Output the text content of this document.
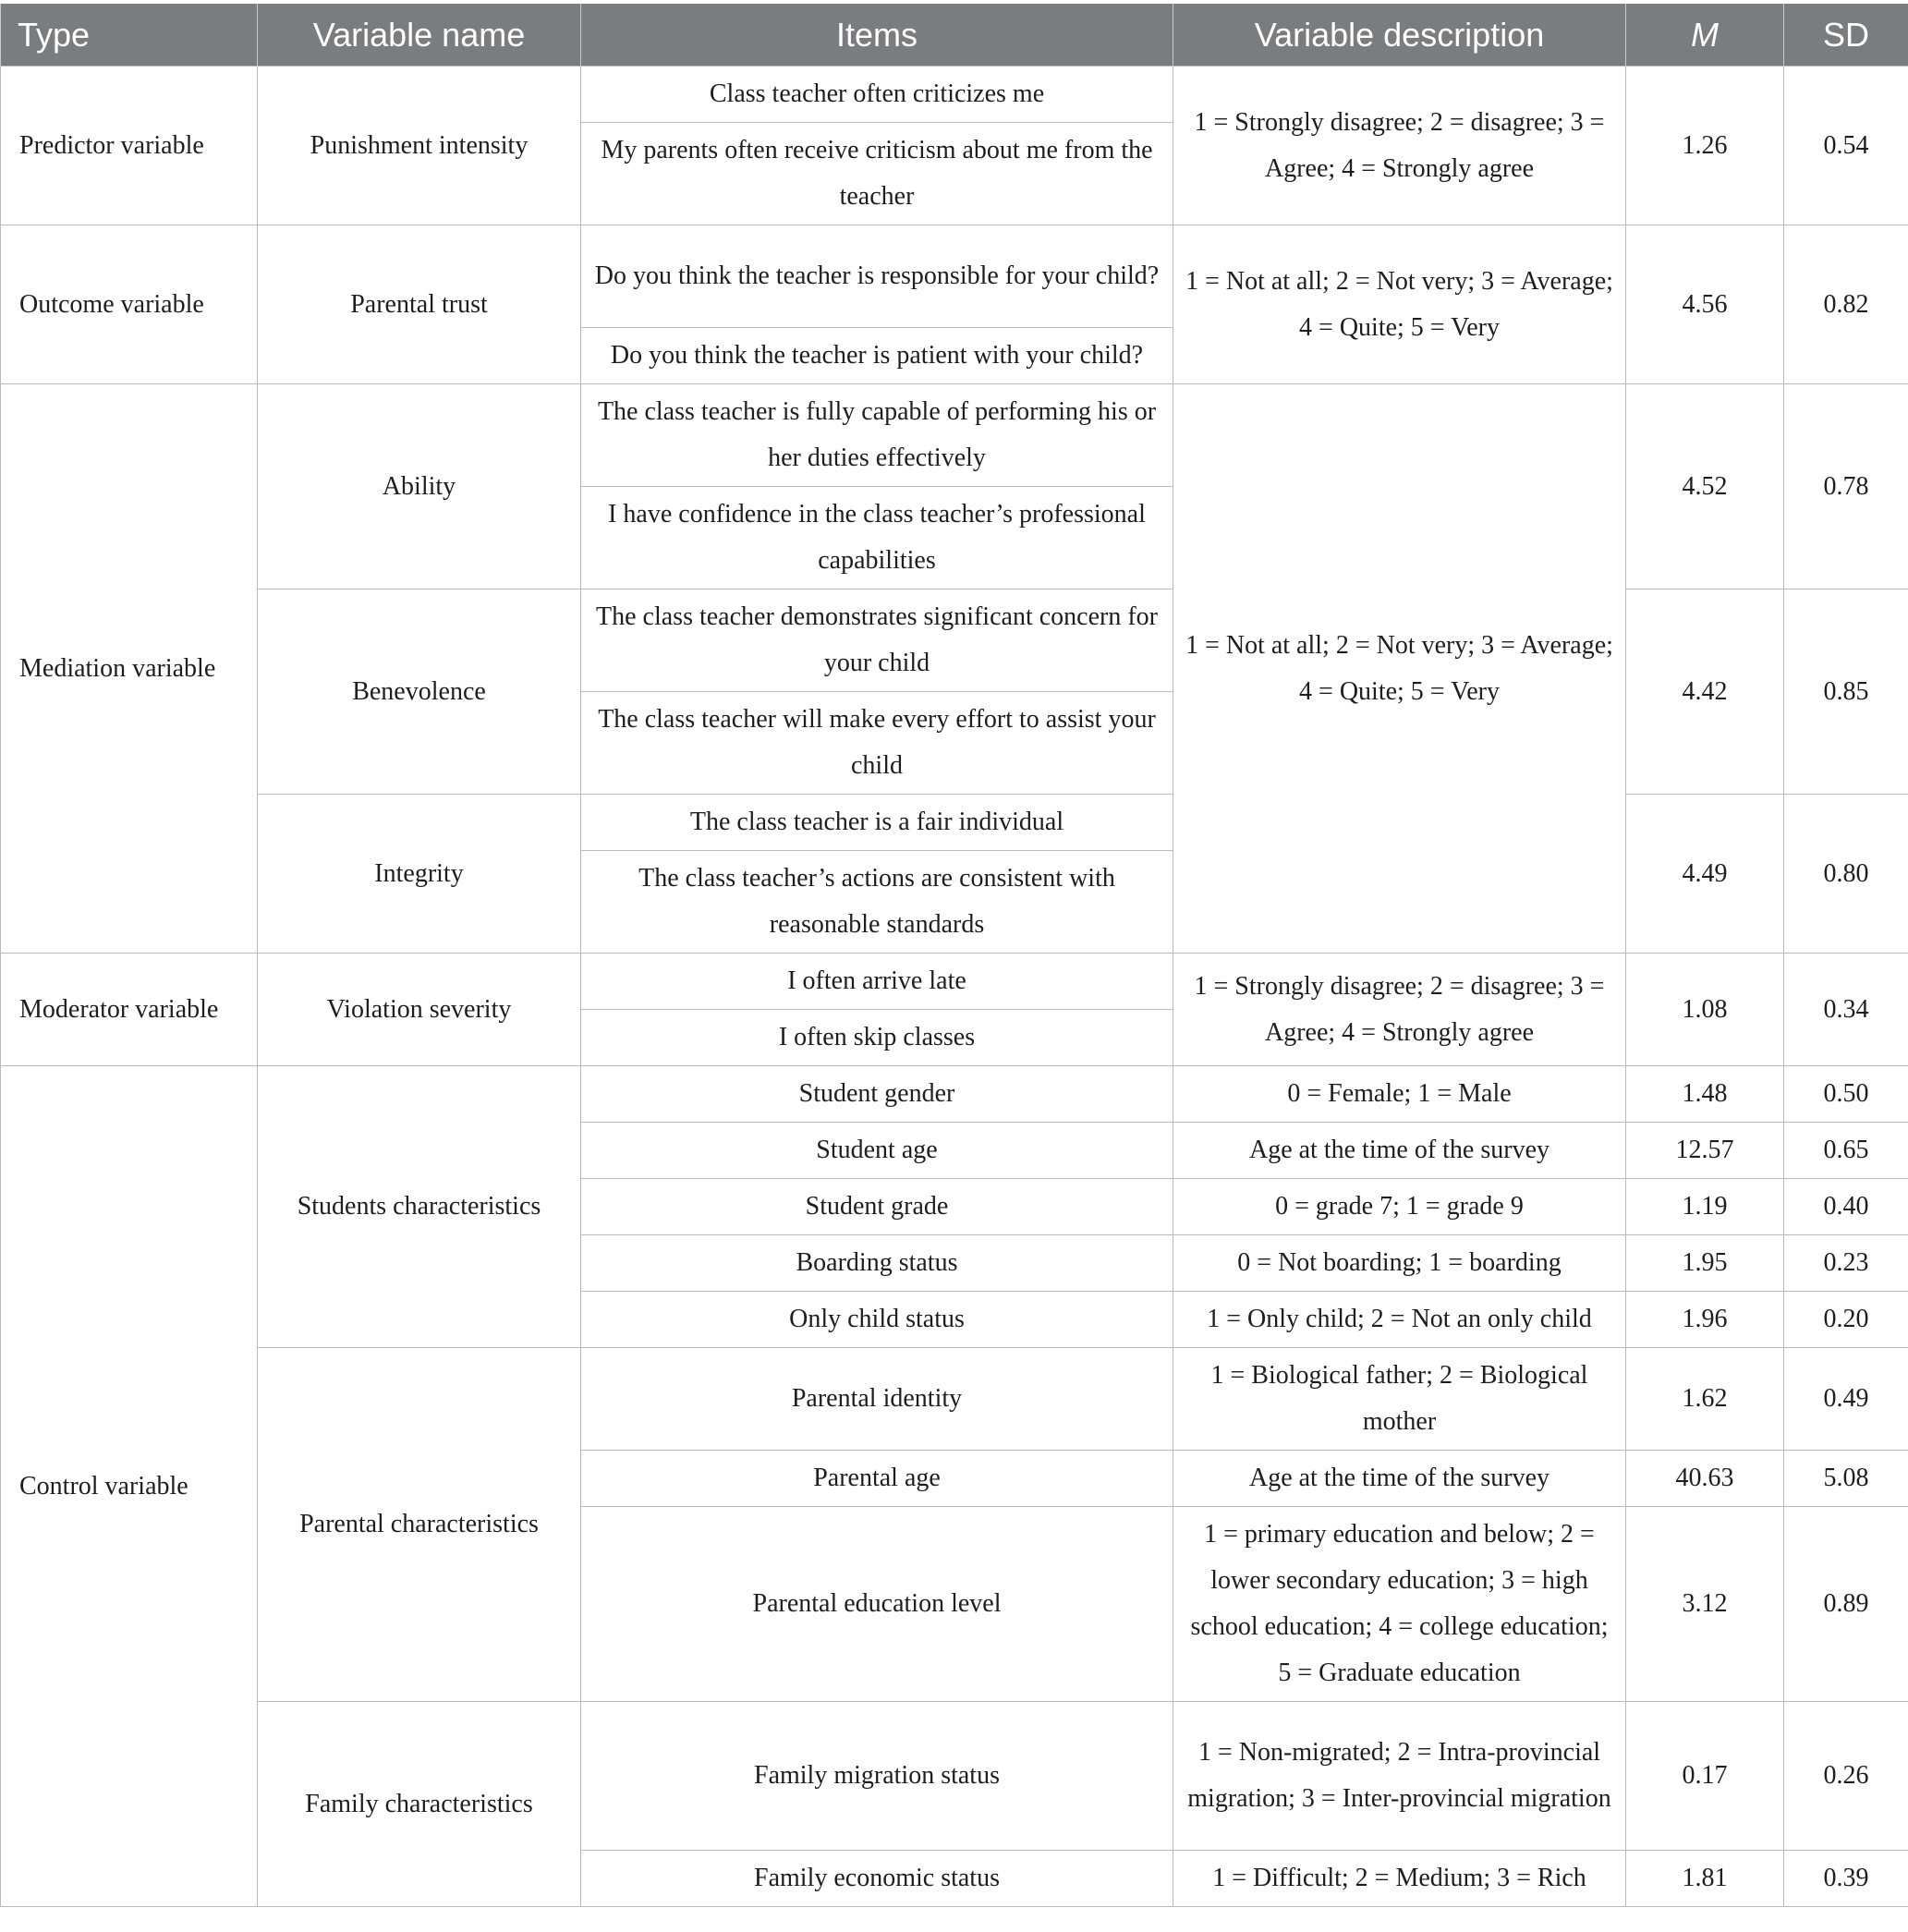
Type	Variable name	Items	Variable description	M	SD
Predictor variable	Punishment intensity	Class teacher often criticizes me	1 = Strongly disagree; 2 = disagree; 3 = Agree; 4 = Strongly agree	1.26	0.54
		My parents often receive criticism about me from the teacher			
Outcome variable	Parental trust	Do you think the teacher is responsible for your child?	1 = Not at all; 2 = Not very; 3 = Average; 4 = Quite; 5 = Very	4.56	0.82
		Do you think the teacher is patient with your child?			
Mediation variable	Ability	The class teacher is fully capable of performing his or her duties effectively	1 = Not at all; 2 = Not very; 3 = Average; 4 = Quite; 5 = Very	4.52	0.78
		I have confidence in the class teacher’s professional capabilities			
	Benevolence	The class teacher demonstrates significant concern for your child		4.42	0.85
		The class teacher will make every effort to assist your child			
	Integrity	The class teacher is a fair individual		4.49	0.80
		The class teacher’s actions are consistent with reasonable standards			
Moderator variable	Violation severity	I often arrive late	1 = Strongly disagree; 2 = disagree; 3 = Agree; 4 = Strongly agree	1.08	0.34
		I often skip classes			
Control variable	Students characteristics	Student gender	0 = Female; 1 = Male	1.48	0.50
		Student age	Age at the time of the survey	12.57	0.65
		Student grade	0 = grade 7; 1 = grade 9	1.19	0.40
		Boarding status	0 = Not boarding; 1 = boarding	1.95	0.23
		Only child status	1 = Only child; 2 = Not an only child	1.96	0.20
	Parental characteristics	Parental identity	1 = Biological father; 2 = Biological mother	1.62	0.49
		Parental age	Age at the time of the survey	40.63	5.08
		Parental education level	1 = primary education and below; 2 = lower secondary education; 3 = high school education; 4 = college education; 5 = Graduate education	3.12	0.89
	Family characteristics	Family migration status	1 = Non-migrated; 2 = Intra-provincial migration; 3 = Inter-provincial migration	0.17	0.26
		Family economic status	1 = Difficult; 2 = Medium; 3 = Rich	1.81	0.39
